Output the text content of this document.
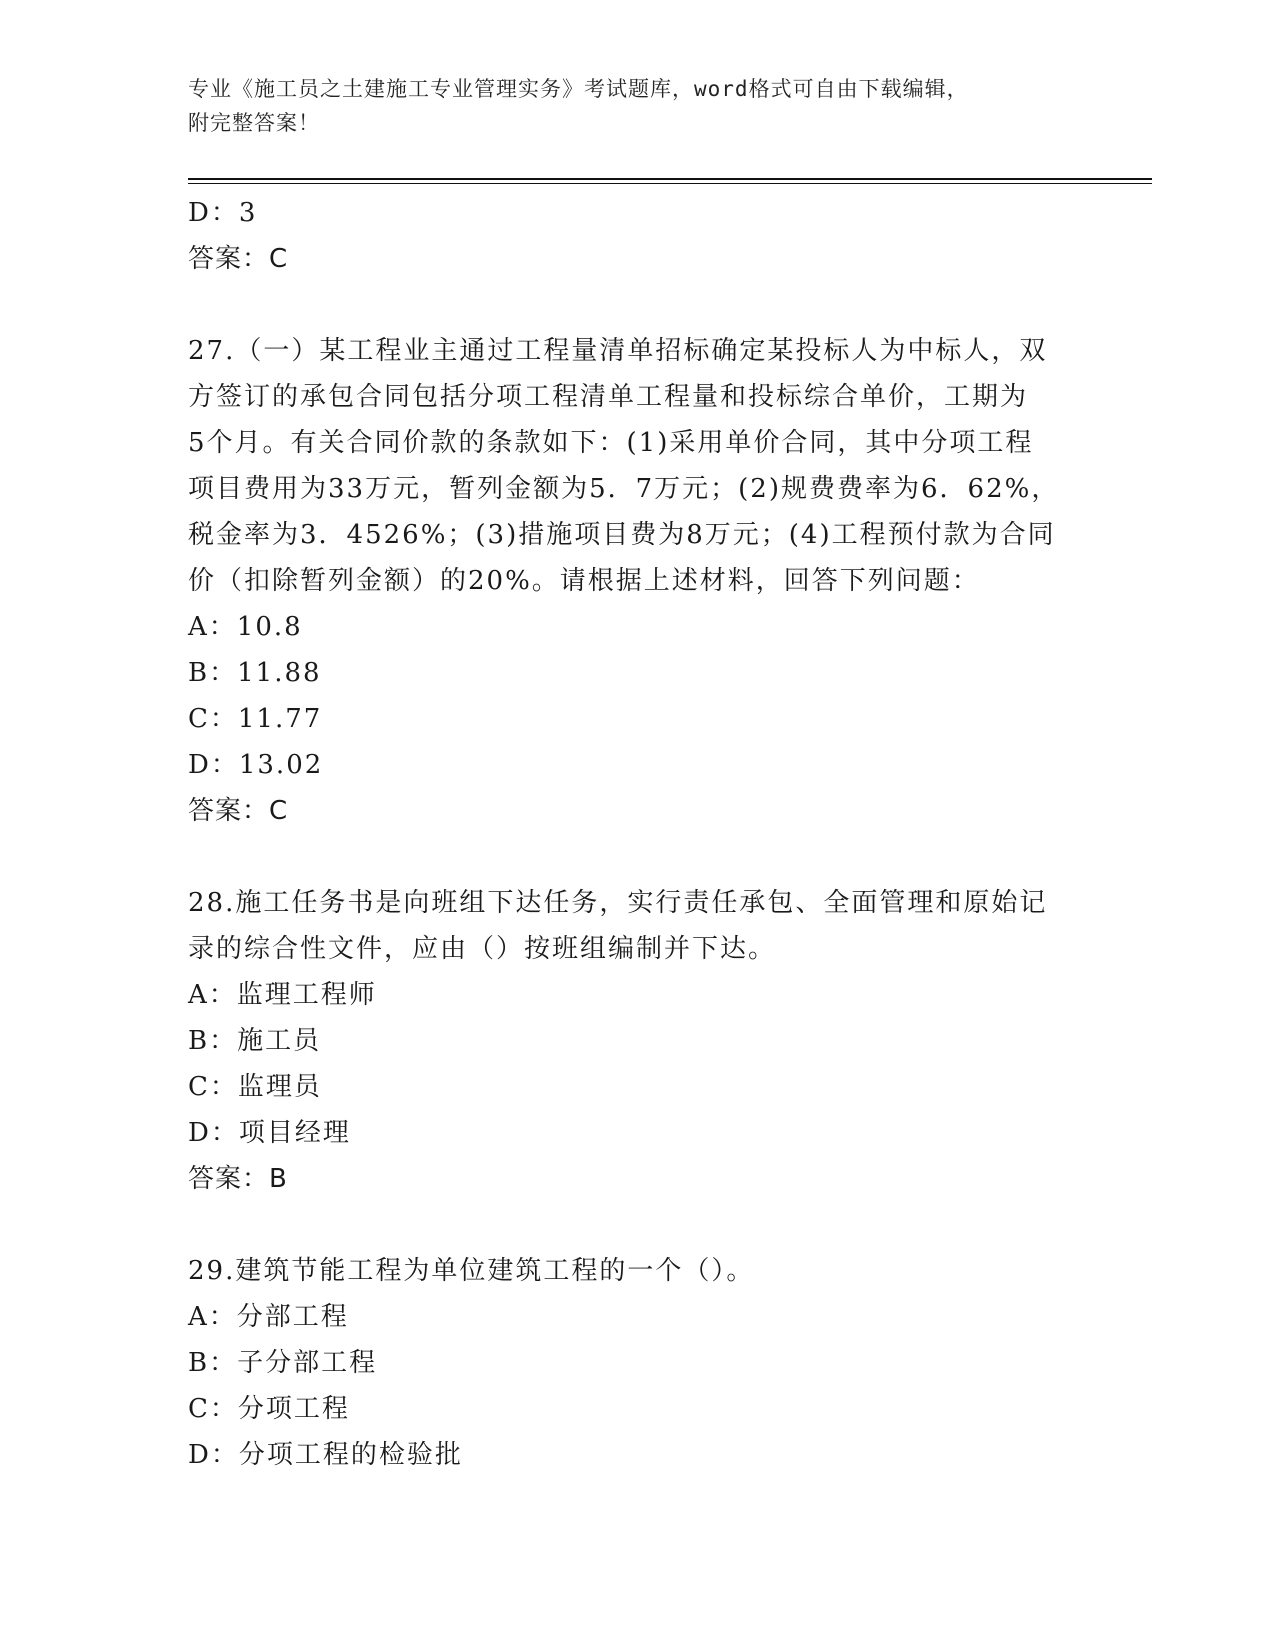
专业《施工员之土建施工专业管理实务》考试题库，word格式可自由下载编辑，
附完整答案！
D：3
答案：C
27.（一）某工程业主通过工程量清单招标确定某投标人为中标人，双
方签订的承包合同包括分项工程清单工程量和投标综合单价，工期为
5个月。有关合同价款的条款如下：(1)采用单价合同，其中分项工程
项目费用为33万元，暂列金额为5．7万元；(2)规费费率为6．62%，
税金率为3．4526%；(3)措施项目费为8万元；(4)工程预付款为合同
价（扣除暂列金额）的20%。请根据上述材料，回答下列问题：
A：10.8
B：11.88
C：11.77
D：13.02
答案：C
28.施工任务书是向班组下达任务，实行责任承包、全面管理和原始记
录的综合性文件，应由（）按班组编制并下达。
A：监理工程师
B：施工员
C：监理员
D：项目经理
答案：B
29.建筑节能工程为单位建筑工程的一个（）。
A：分部工程
B：子分部工程
C：分项工程
D：分项工程的检验批
